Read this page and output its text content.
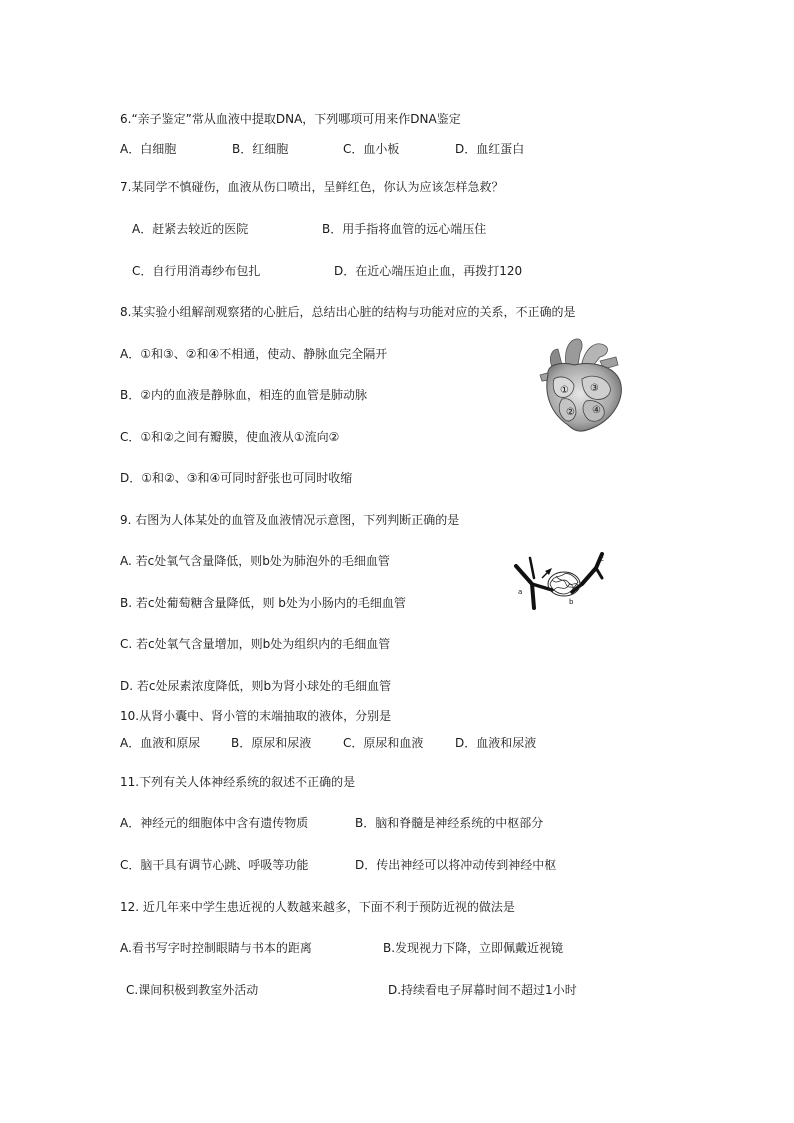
6.“亲子鉴定”常从血液中提取DNA，下列哪项可用来作DNA鉴定
A．白细胞	B．红细胞	C．血小板	D．血红蛋白
7.某同学不慎碰伤，血液从伤口喷出，呈鲜红色，你认为应该怎样急救？
A．赶紧去较近的医院	B．用手指将血管的远心端压住
C．自行用消毒纱布包扎	D．在近心端压迫止血，再拨打120
8.某实验小组解剖观察猪的心脏后，总结出心脏的结构与功能对应的关系，不正确的是
A．①和③、②和④不相通，使动、静脉血完全隔开
B．②内的血液是静脉血，相连的血管是肺动脉
C．①和②之间有瓣膜，使血液从①流向②
D．①和②、③和④可同时舒张也可同时收缩
①
②
③
④
9. 右图为人体某处的血管及血液情况示意图，下列判断正确的是
A. 若c处氧气含量降低，则b处为肺泡外的毛细血管
B. 若c处葡萄糖含量降低，则 b处为小肠内的毛细血管
C. 若c处氧气含量增加，则b处为组织内的毛细血管
D. 若c处尿素浓度降低，则b为肾小球处的毛细血管
a
b
c
10.从肾小囊中、肾小管的末端抽取的液体，分别是
A．血液和原尿	B．原尿和尿液	C．原尿和血液	D．血液和尿液
11.下列有关人体神经系统的叙述不正确的是
A．神经元的细胞体中含有遗传物质	B．脑和脊髓是神经系统的中枢部分
C．脑干具有调节心跳、呼吸等功能	D．传出神经可以将冲动传到神经中枢
12. 近几年来中学生患近视的人数越来越多，下面不利于预防近视的做法是
A.看书写字时控制眼睛与书本的距离	B.发现视力下降，立即佩戴近视镜
C.课间积极到教室外活动	D.持续看电子屏幕时间不超过1小时
